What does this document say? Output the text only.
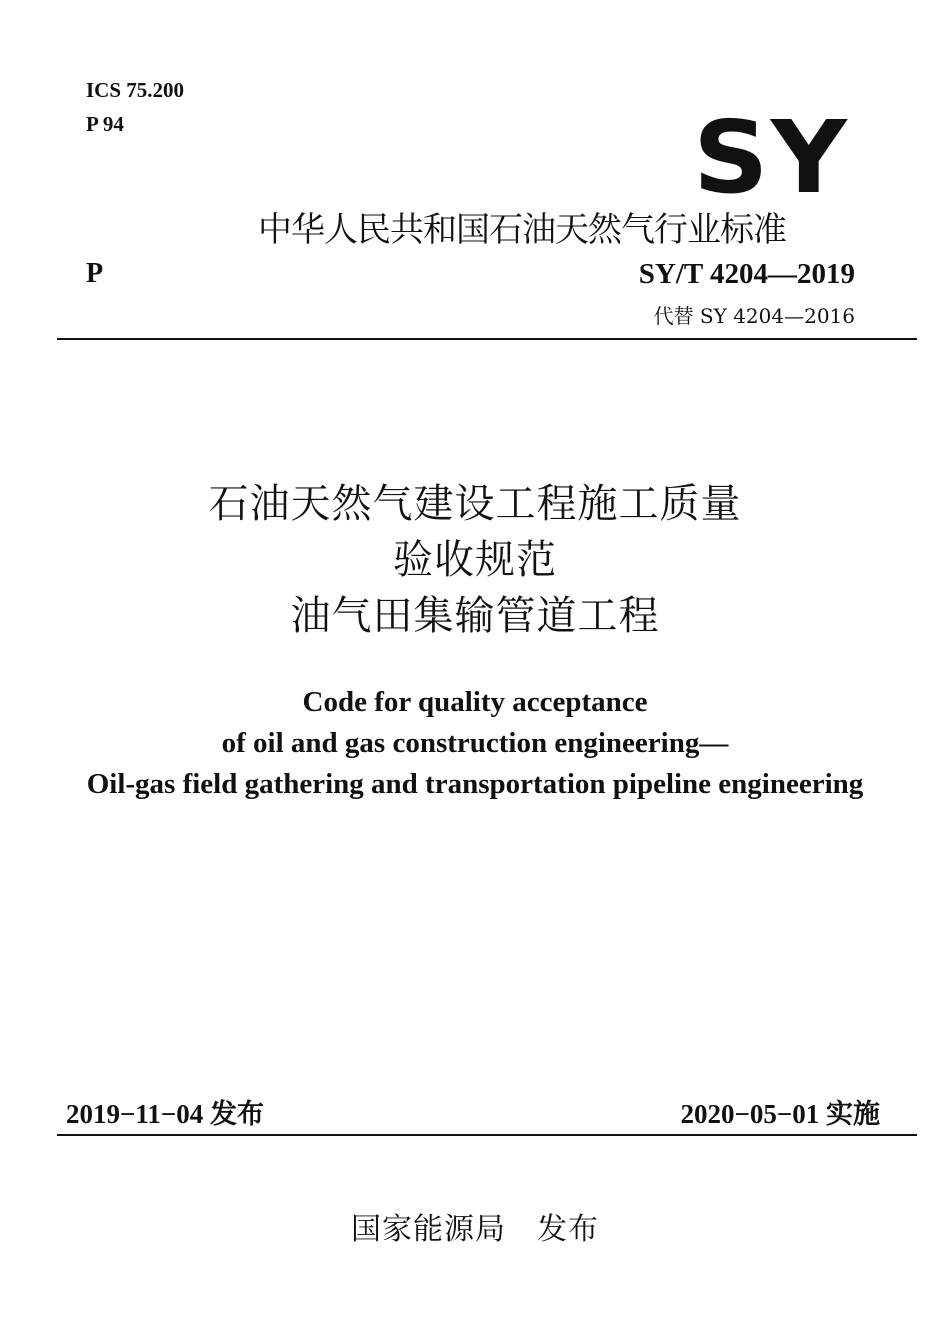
ICS 75.200
P 94	SY
中华人民共和国石油天然气行业标准
P	SY/T 4204—2019
代替 SY 4204—2016
石油天然气建设工程施工质量
验收规范
油气田集输管道工程
Code for quality acceptance
of oil and gas construction engineering—
Oil-gas field gathering and transportation pipeline engineering
2019−11−04 发布	2020−05−01 实施
国家能源局　发布
